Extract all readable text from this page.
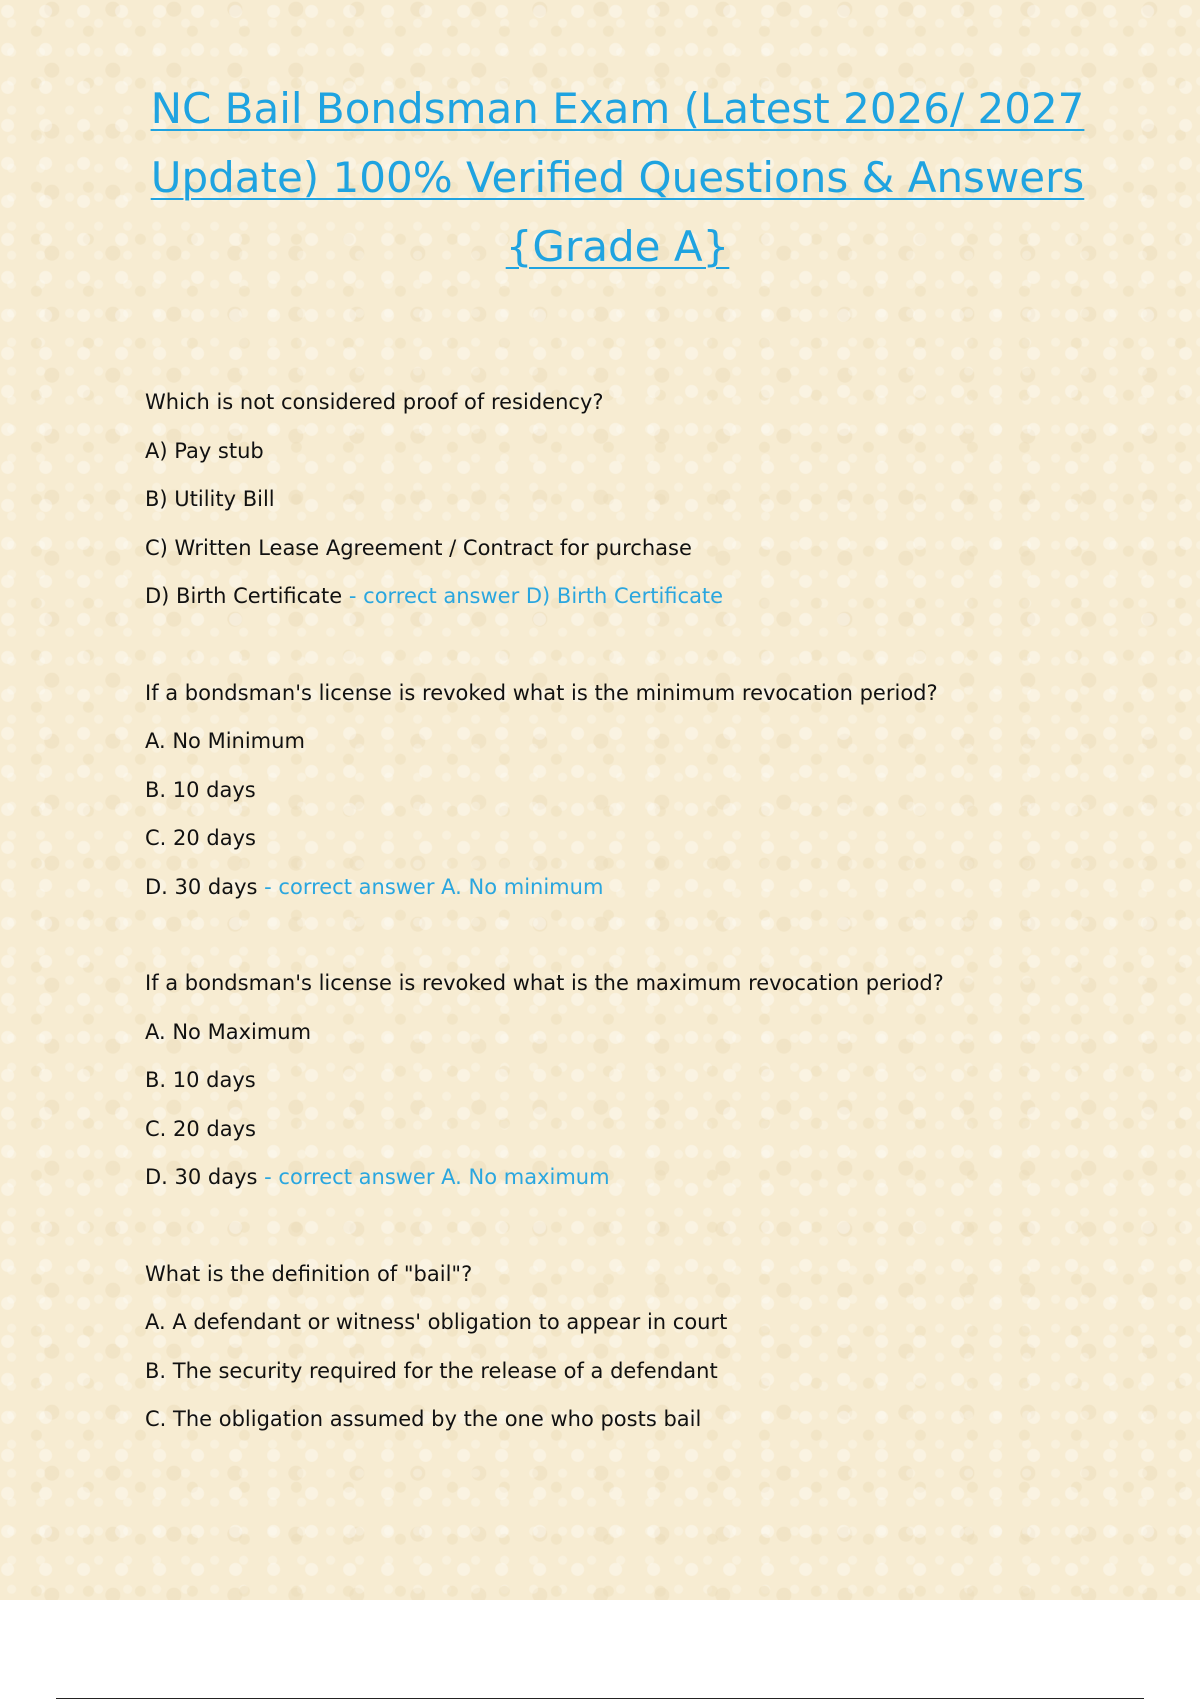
NC Bail Bondsman Exam (Latest 2026/ 2027 Update) 100% Verified Questions & Answers {Grade A}
Which is not considered proof of residency?
A) Pay stub
B) Utility Bill
C) Written Lease Agreement / Contract for purchase
D) Birth Certificate - correct answer D) Birth Certificate
If a bondsman's license is revoked what is the minimum revocation period?
A. No Minimum
B. 10 days
C. 20 days
D. 30 days - correct answer A. No minimum
If a bondsman's license is revoked what is the maximum revocation period?
A. No Maximum
B. 10 days
C. 20 days
D. 30 days - correct answer A. No maximum
What is the definition of "bail"?
A. A defendant or witness' obligation to appear in court
B. The security required for the release of a defendant
C. The obligation assumed by the one who posts bail
